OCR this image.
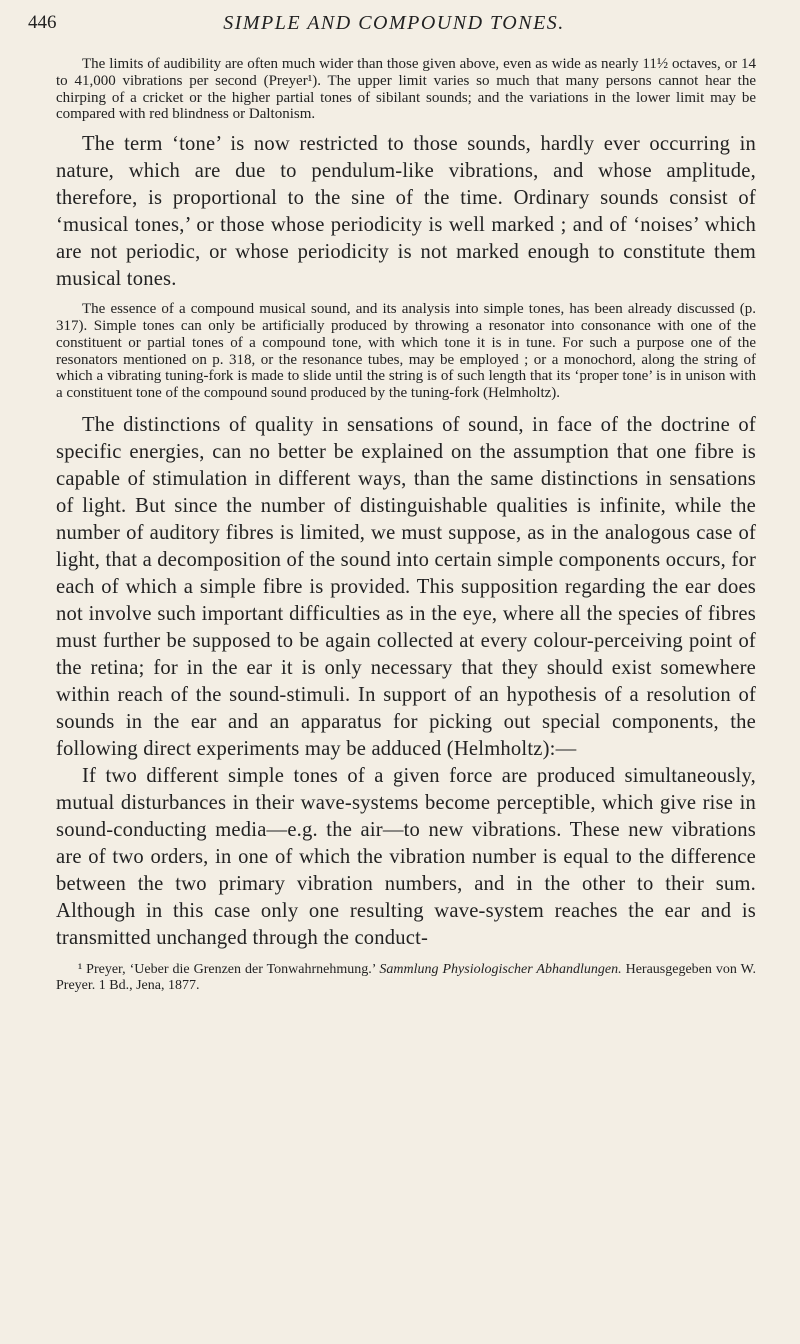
446	SIMPLE AND COMPOUND TONES.

The limits of audibility are often much wider than those given above, even as wide as nearly 11½ octaves, or 14 to 41,000 vibrations per second (Preyer¹). The upper limit varies so much that many persons cannot hear the chirping of a cricket or the higher partial tones of sibilant sounds; and the variations in the lower limit may be compared with red blindness or Daltonism.

The term ‘tone’ is now restricted to those sounds, hardly ever occurring in nature, which are due to pendulum-like vibrations, and whose amplitude, therefore, is proportional to the sine of the time. Ordinary sounds consist of ‘musical tones,’ or those whose periodicity is well marked ; and of ‘noises’ which are not periodic, or whose periodicity is not marked enough to constitute them musical tones.

The essence of a compound musical sound, and its analysis into simple tones, has been already discussed (p. 317). Simple tones can only be artificially produced by throwing a resonator into consonance with one of the constituent or partial tones of a compound tone, with which tone it is in tune. For such a purpose one of the resonators mentioned on p. 318, or the resonance tubes, may be employed ; or a monochord, along the string of which a vibrating tuning-fork is made to slide until the string is of such length that its ‘proper tone’ is in unison with a constituent tone of the compound sound produced by the tuning-fork (Helmholtz).

The distinctions of quality in sensations of sound, in face of the doctrine of specific energies, can no better be explained on the assumption that one fibre is capable of stimulation in different ways, than the same distinctions in sensations of light. But since the number of distinguishable qualities is infinite, while the number of auditory fibres is limited, we must suppose, as in the analogous case of light, that a decomposition of the sound into certain simple components occurs, for each of which a simple fibre is provided. This supposition regarding the ear does not involve such important difficulties as in the eye, where all the species of fibres must further be supposed to be again collected at every colour-perceiving point of the retina; for in the ear it is only necessary that they should exist somewhere within reach of the sound-stimuli. In support of an hypothesis of a resolution of sounds in the ear and an apparatus for picking out special components, the following direct experiments may be adduced (Helmholtz):—

If two different simple tones of a given force are produced simultaneously, mutual disturbances in their wave-systems become perceptible, which give rise in sound-conducting media—e.g. the air—to new vibrations. These new vibrations are of two orders, in one of which the vibration number is equal to the difference between the two primary vibration numbers, and in the other to their sum. Although in this case only one resulting wave-system reaches the ear and is transmitted unchanged through the conduct-

¹ Preyer, ‘Ueber die Grenzen der Tonwahrnehmung.’ Sammlung Physiologischer Abhandlungen. Herausgegeben von W. Preyer. 1 Bd., Jena, 1877.
